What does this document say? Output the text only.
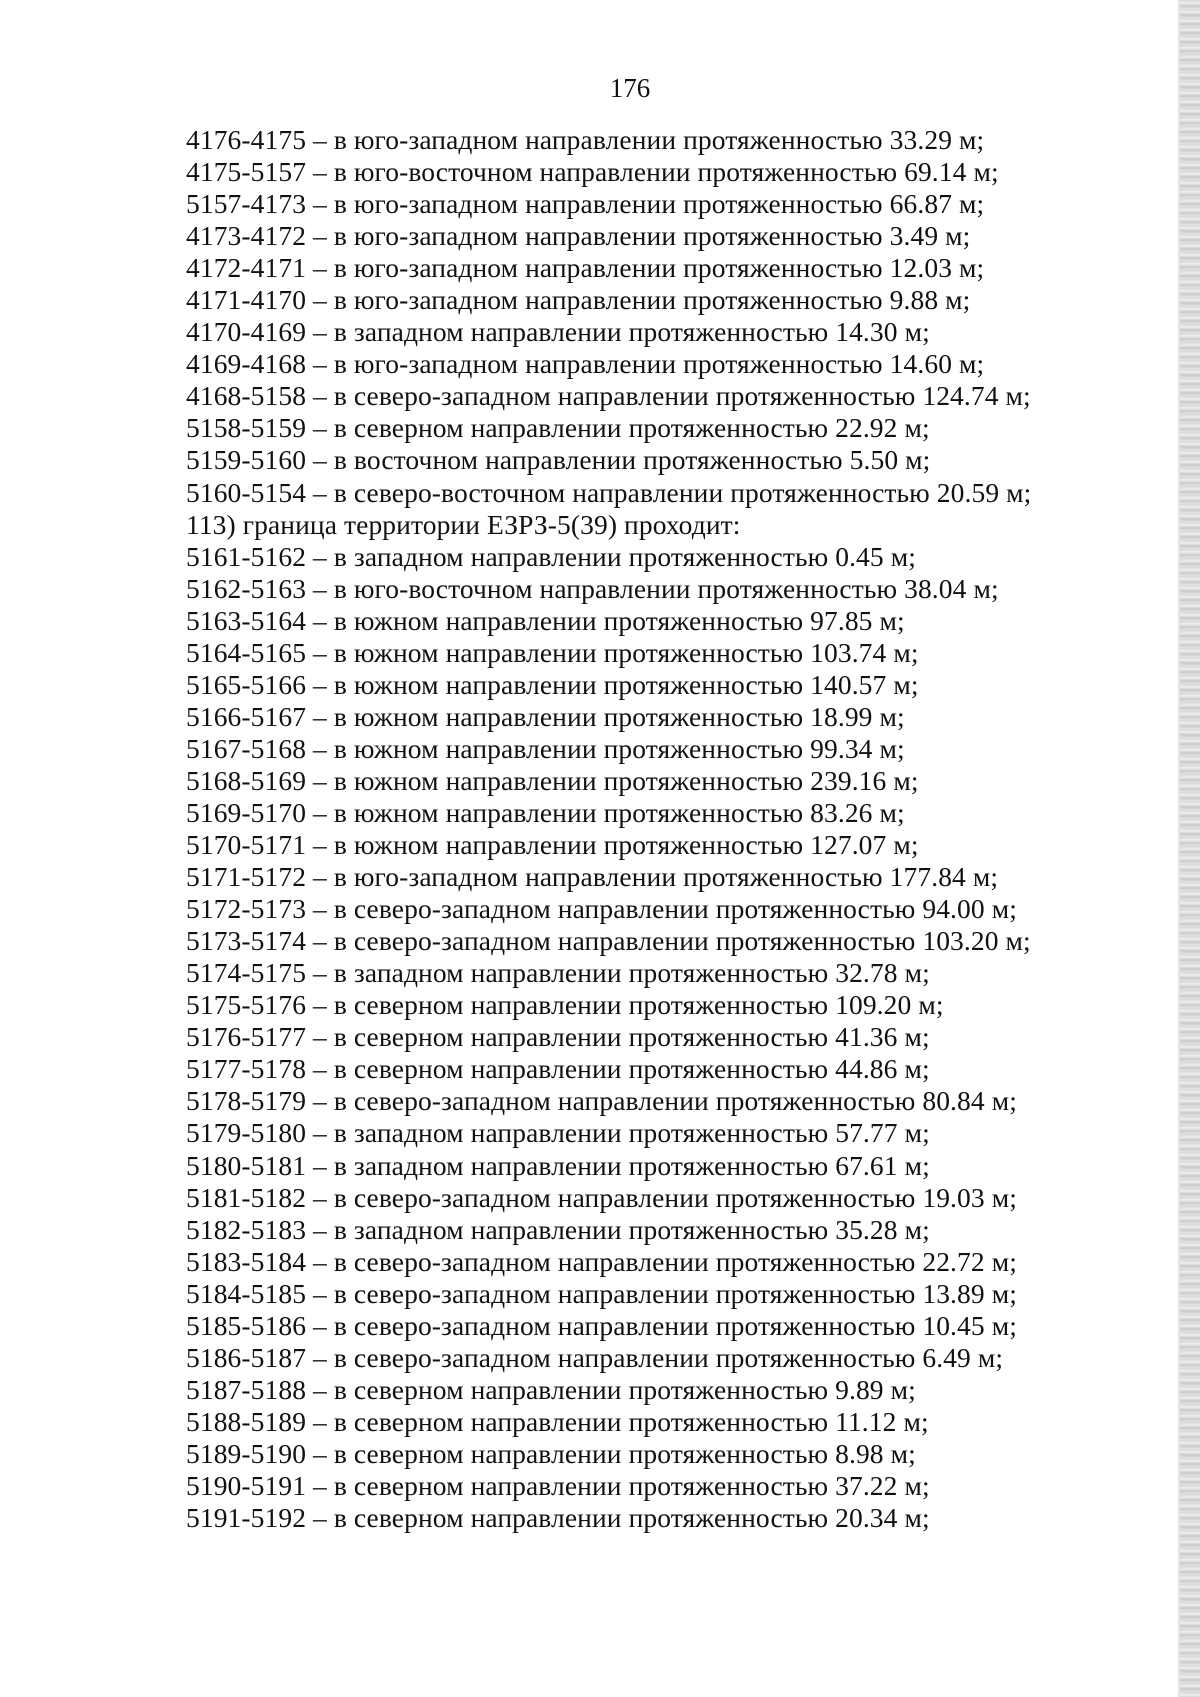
176
4176-4175 – в юго-западном направлении протяженностью 33.29 м;
4175-5157 – в юго-восточном направлении протяженностью 69.14 м;
5157-4173 – в юго-западном направлении протяженностью 66.87 м;
4173-4172 – в юго-западном направлении протяженностью 3.49 м;
4172-4171 – в юго-западном направлении протяженностью 12.03 м;
4171-4170 – в юго-западном направлении протяженностью 9.88 м;
4170-4169 – в западном направлении протяженностью 14.30 м;
4169-4168 – в юго-западном направлении протяженностью 14.60 м;
4168-5158 – в северо-западном направлении протяженностью 124.74 м;
5158-5159 – в северном направлении протяженностью 22.92 м;
5159-5160 – в восточном направлении протяженностью 5.50 м;
5160-5154 – в северо-восточном направлении протяженностью 20.59 м;
113) граница территории ЕЗРЗ-5(39) проходит:
5161-5162 – в западном направлении протяженностью 0.45 м;
5162-5163 – в юго-восточном направлении протяженностью 38.04 м;
5163-5164 – в южном направлении протяженностью 97.85 м;
5164-5165 – в южном направлении протяженностью 103.74 м;
5165-5166 – в южном направлении протяженностью 140.57 м;
5166-5167 – в южном направлении протяженностью 18.99 м;
5167-5168 – в южном направлении протяженностью 99.34 м;
5168-5169 – в южном направлении протяженностью 239.16 м;
5169-5170 – в южном направлении протяженностью 83.26 м;
5170-5171 – в южном направлении протяженностью 127.07 м;
5171-5172 – в юго-западном направлении протяженностью 177.84 м;
5172-5173 – в северо-западном направлении протяженностью 94.00 м;
5173-5174 – в северо-западном направлении протяженностью 103.20 м;
5174-5175 – в западном направлении протяженностью 32.78 м;
5175-5176 – в северном направлении протяженностью 109.20 м;
5176-5177 – в северном направлении протяженностью 41.36 м;
5177-5178 – в северном направлении протяженностью 44.86 м;
5178-5179 – в северо-западном направлении протяженностью 80.84 м;
5179-5180 – в западном направлении протяженностью 57.77 м;
5180-5181 – в западном направлении протяженностью 67.61 м;
5181-5182 – в северо-западном направлении протяженностью 19.03 м;
5182-5183 – в западном направлении протяженностью 35.28 м;
5183-5184 – в северо-западном направлении протяженностью 22.72 м;
5184-5185 – в северо-западном направлении протяженностью 13.89 м;
5185-5186 – в северо-западном направлении протяженностью 10.45 м;
5186-5187 – в северо-западном направлении протяженностью 6.49 м;
5187-5188 – в северном направлении протяженностью 9.89 м;
5188-5189 – в северном направлении протяженностью 11.12 м;
5189-5190 – в северном направлении протяженностью 8.98 м;
5190-5191 – в северном направлении протяженностью 37.22 м;
5191-5192 – в северном направлении протяженностью 20.34 м;
